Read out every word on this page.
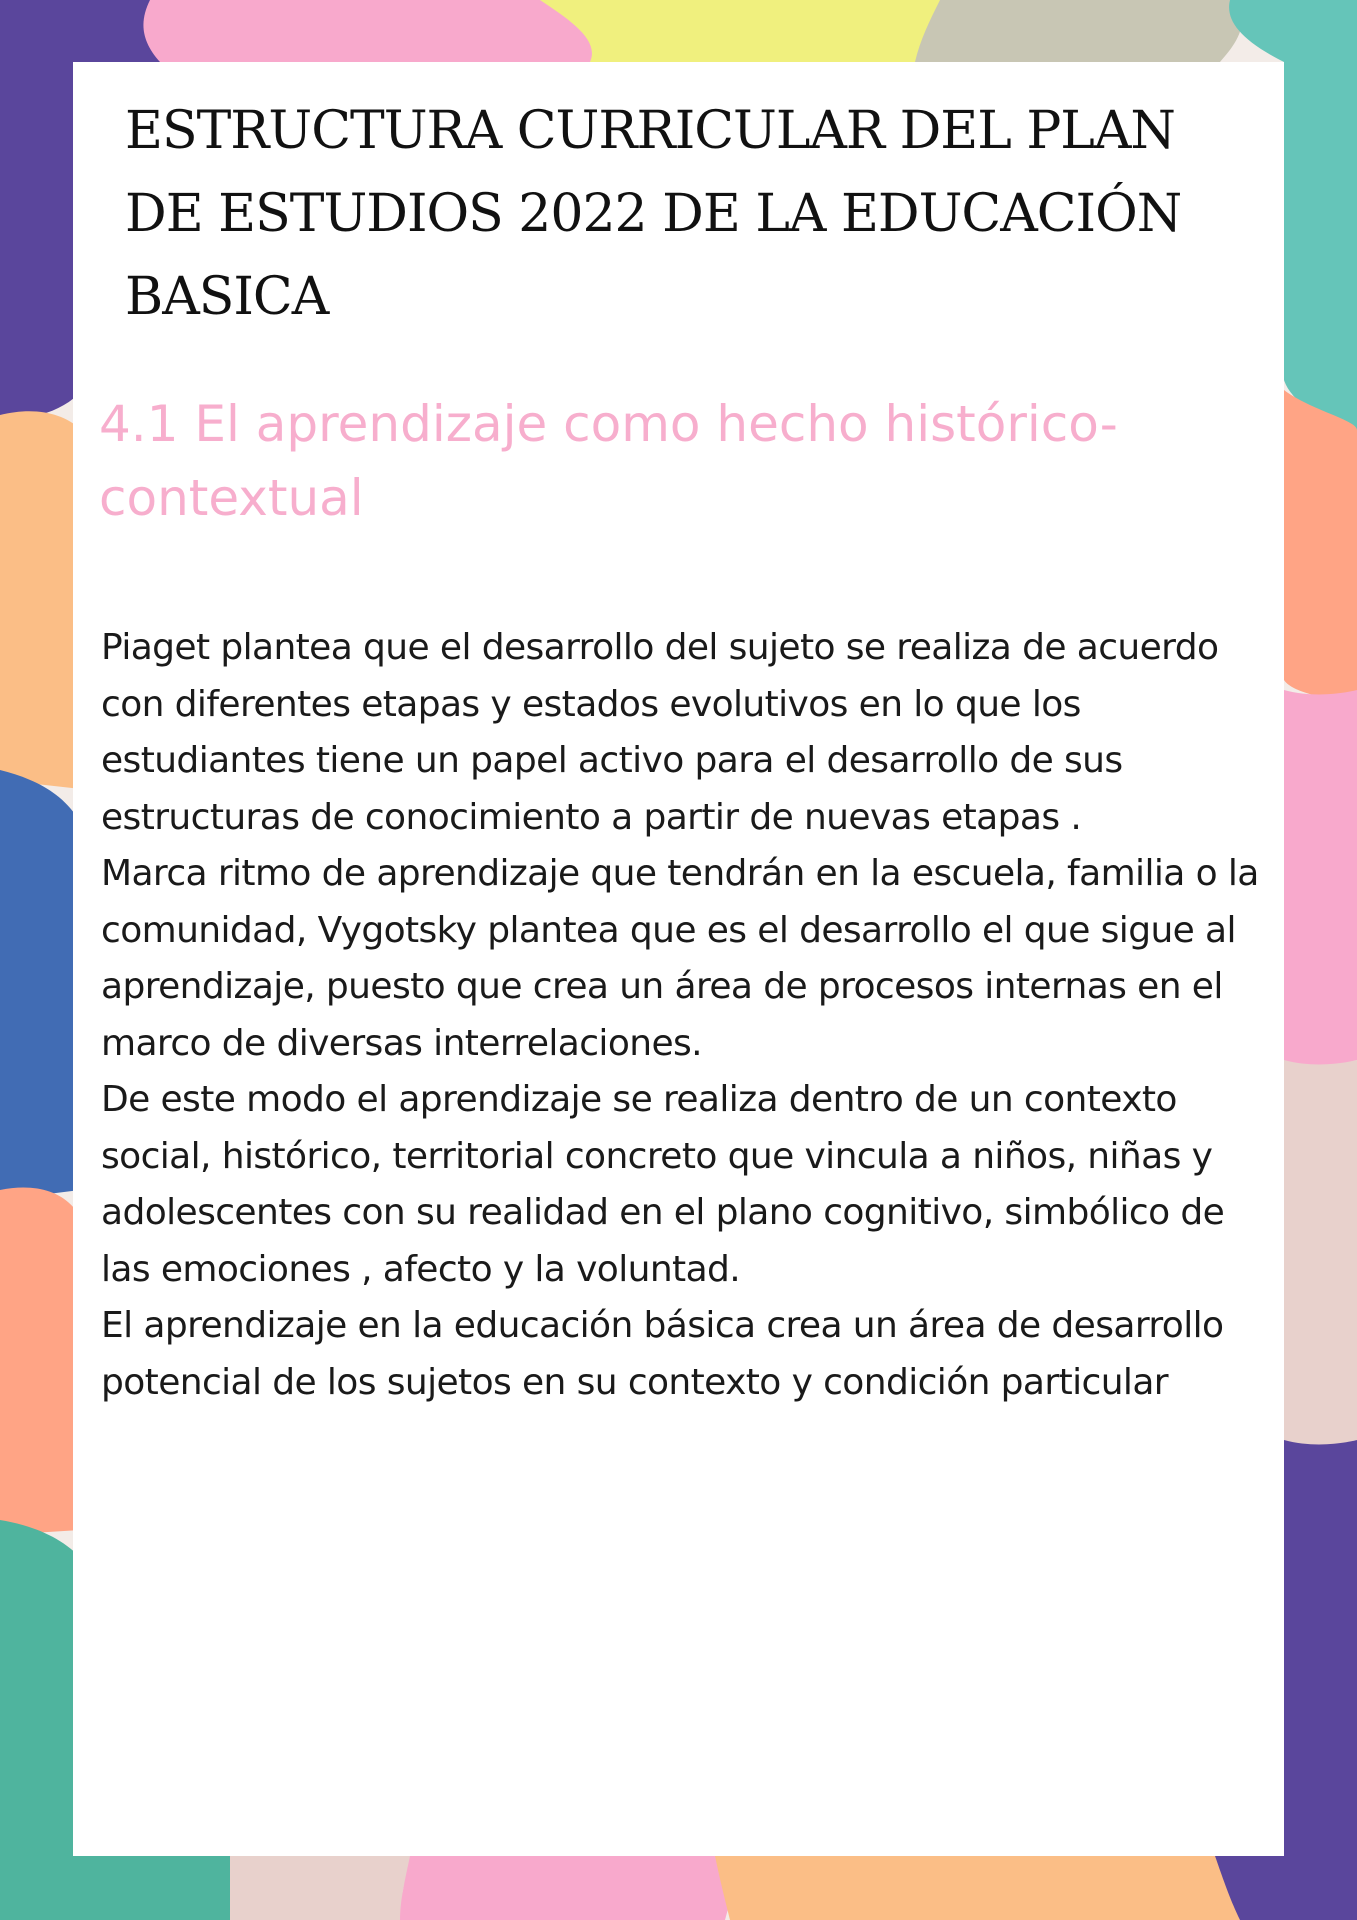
ESTRUCTURA CURRICULAR DEL PLAN DE ESTUDIOS 2022 DE LA EDUCACIÓN BASICA
4.1 El aprendizaje como hecho histórico-contextual

Piaget plantea que el desarrollo del sujeto se realiza de acuerdo con diferentes etapas y estados evolutivos en lo que los estudiantes tiene un papel activo para el desarrollo de sus estructuras de conocimiento a partir de nuevas etapas .

Marca ritmo de aprendizaje que tendrán en la escuela, familia o la comunidad, Vygotsky plantea que es el desarrollo el que sigue al aprendizaje, puesto que crea un área de procesos internas en el marco de diversas interrelaciones.

De este modo el aprendizaje se realiza dentro de un contexto social, histórico, territorial concreto que vincula a niños, niñas y adolescentes con su realidad en el plano cognitivo, simbólico de las emociones , afecto y la voluntad.

El aprendizaje en la educación básica crea un área de desarrollo potencial de los sujetos en su contexto y condición particular
